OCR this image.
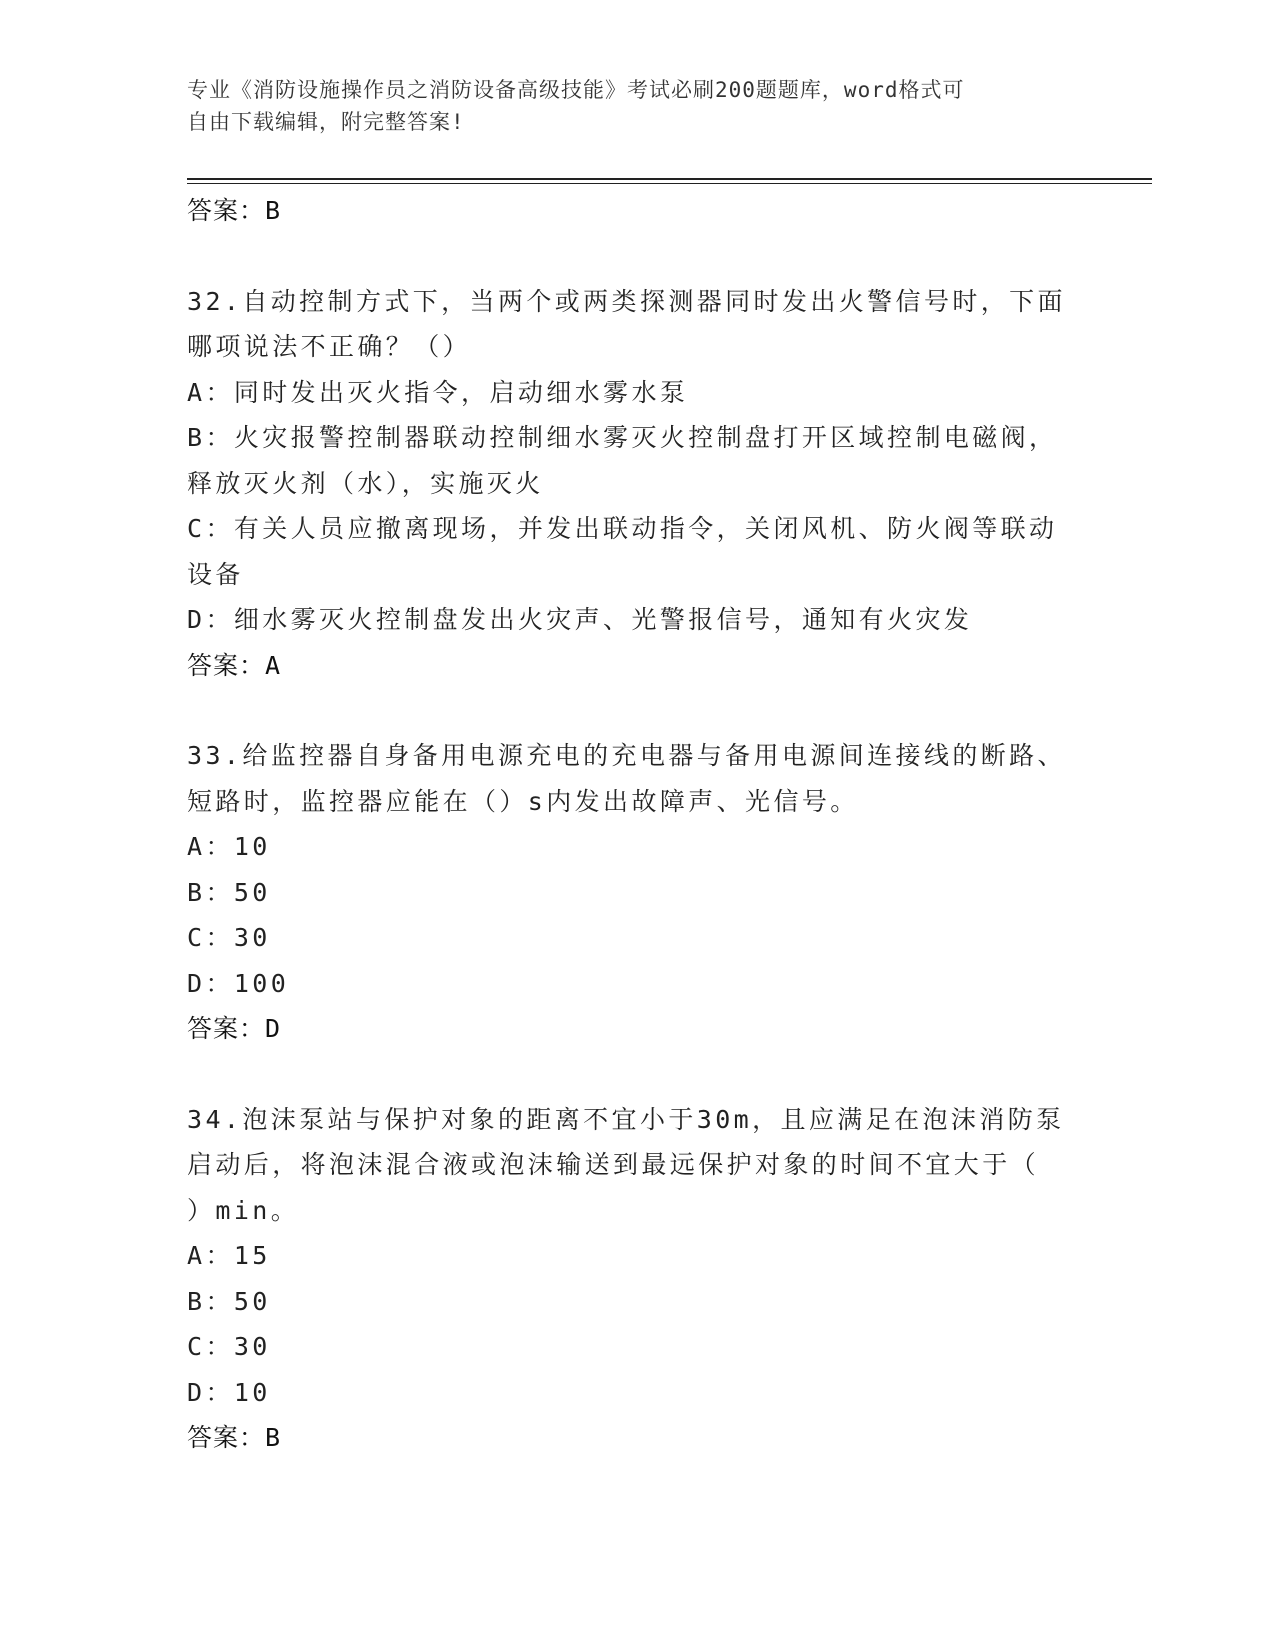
专业《消防设施操作员之消防设备高级技能》考试必刷200题题库，word格式可
自由下载编辑，附完整答案!
答案：B
32.自动控制方式下，当两个或两类探测器同时发出火警信号时，下面
哪项说法不正确？（）
A：同时发出灭火指令，启动细水雾水泵
B：火灾报警控制器联动控制细水雾灭火控制盘打开区域控制电磁阀，
释放灭火剂（水），实施灭火
C：有关人员应撤离现场，并发出联动指令，关闭风机、防火阀等联动
设备
D：细水雾灭火控制盘发出火灾声、光警报信号，通知有火灾发
答案：A
33.给监控器自身备用电源充电的充电器与备用电源间连接线的断路、
短路时，监控器应能在（）s内发出故障声、光信号。
A：10
B：50
C：30
D：100
答案：D
34.泡沫泵站与保护对象的距离不宜小于30m，且应满足在泡沫消防泵
启动后，将泡沫混合液或泡沫输送到最远保护对象的时间不宜大于（
）min。
A：15
B：50
C：30
D：10
答案：B
